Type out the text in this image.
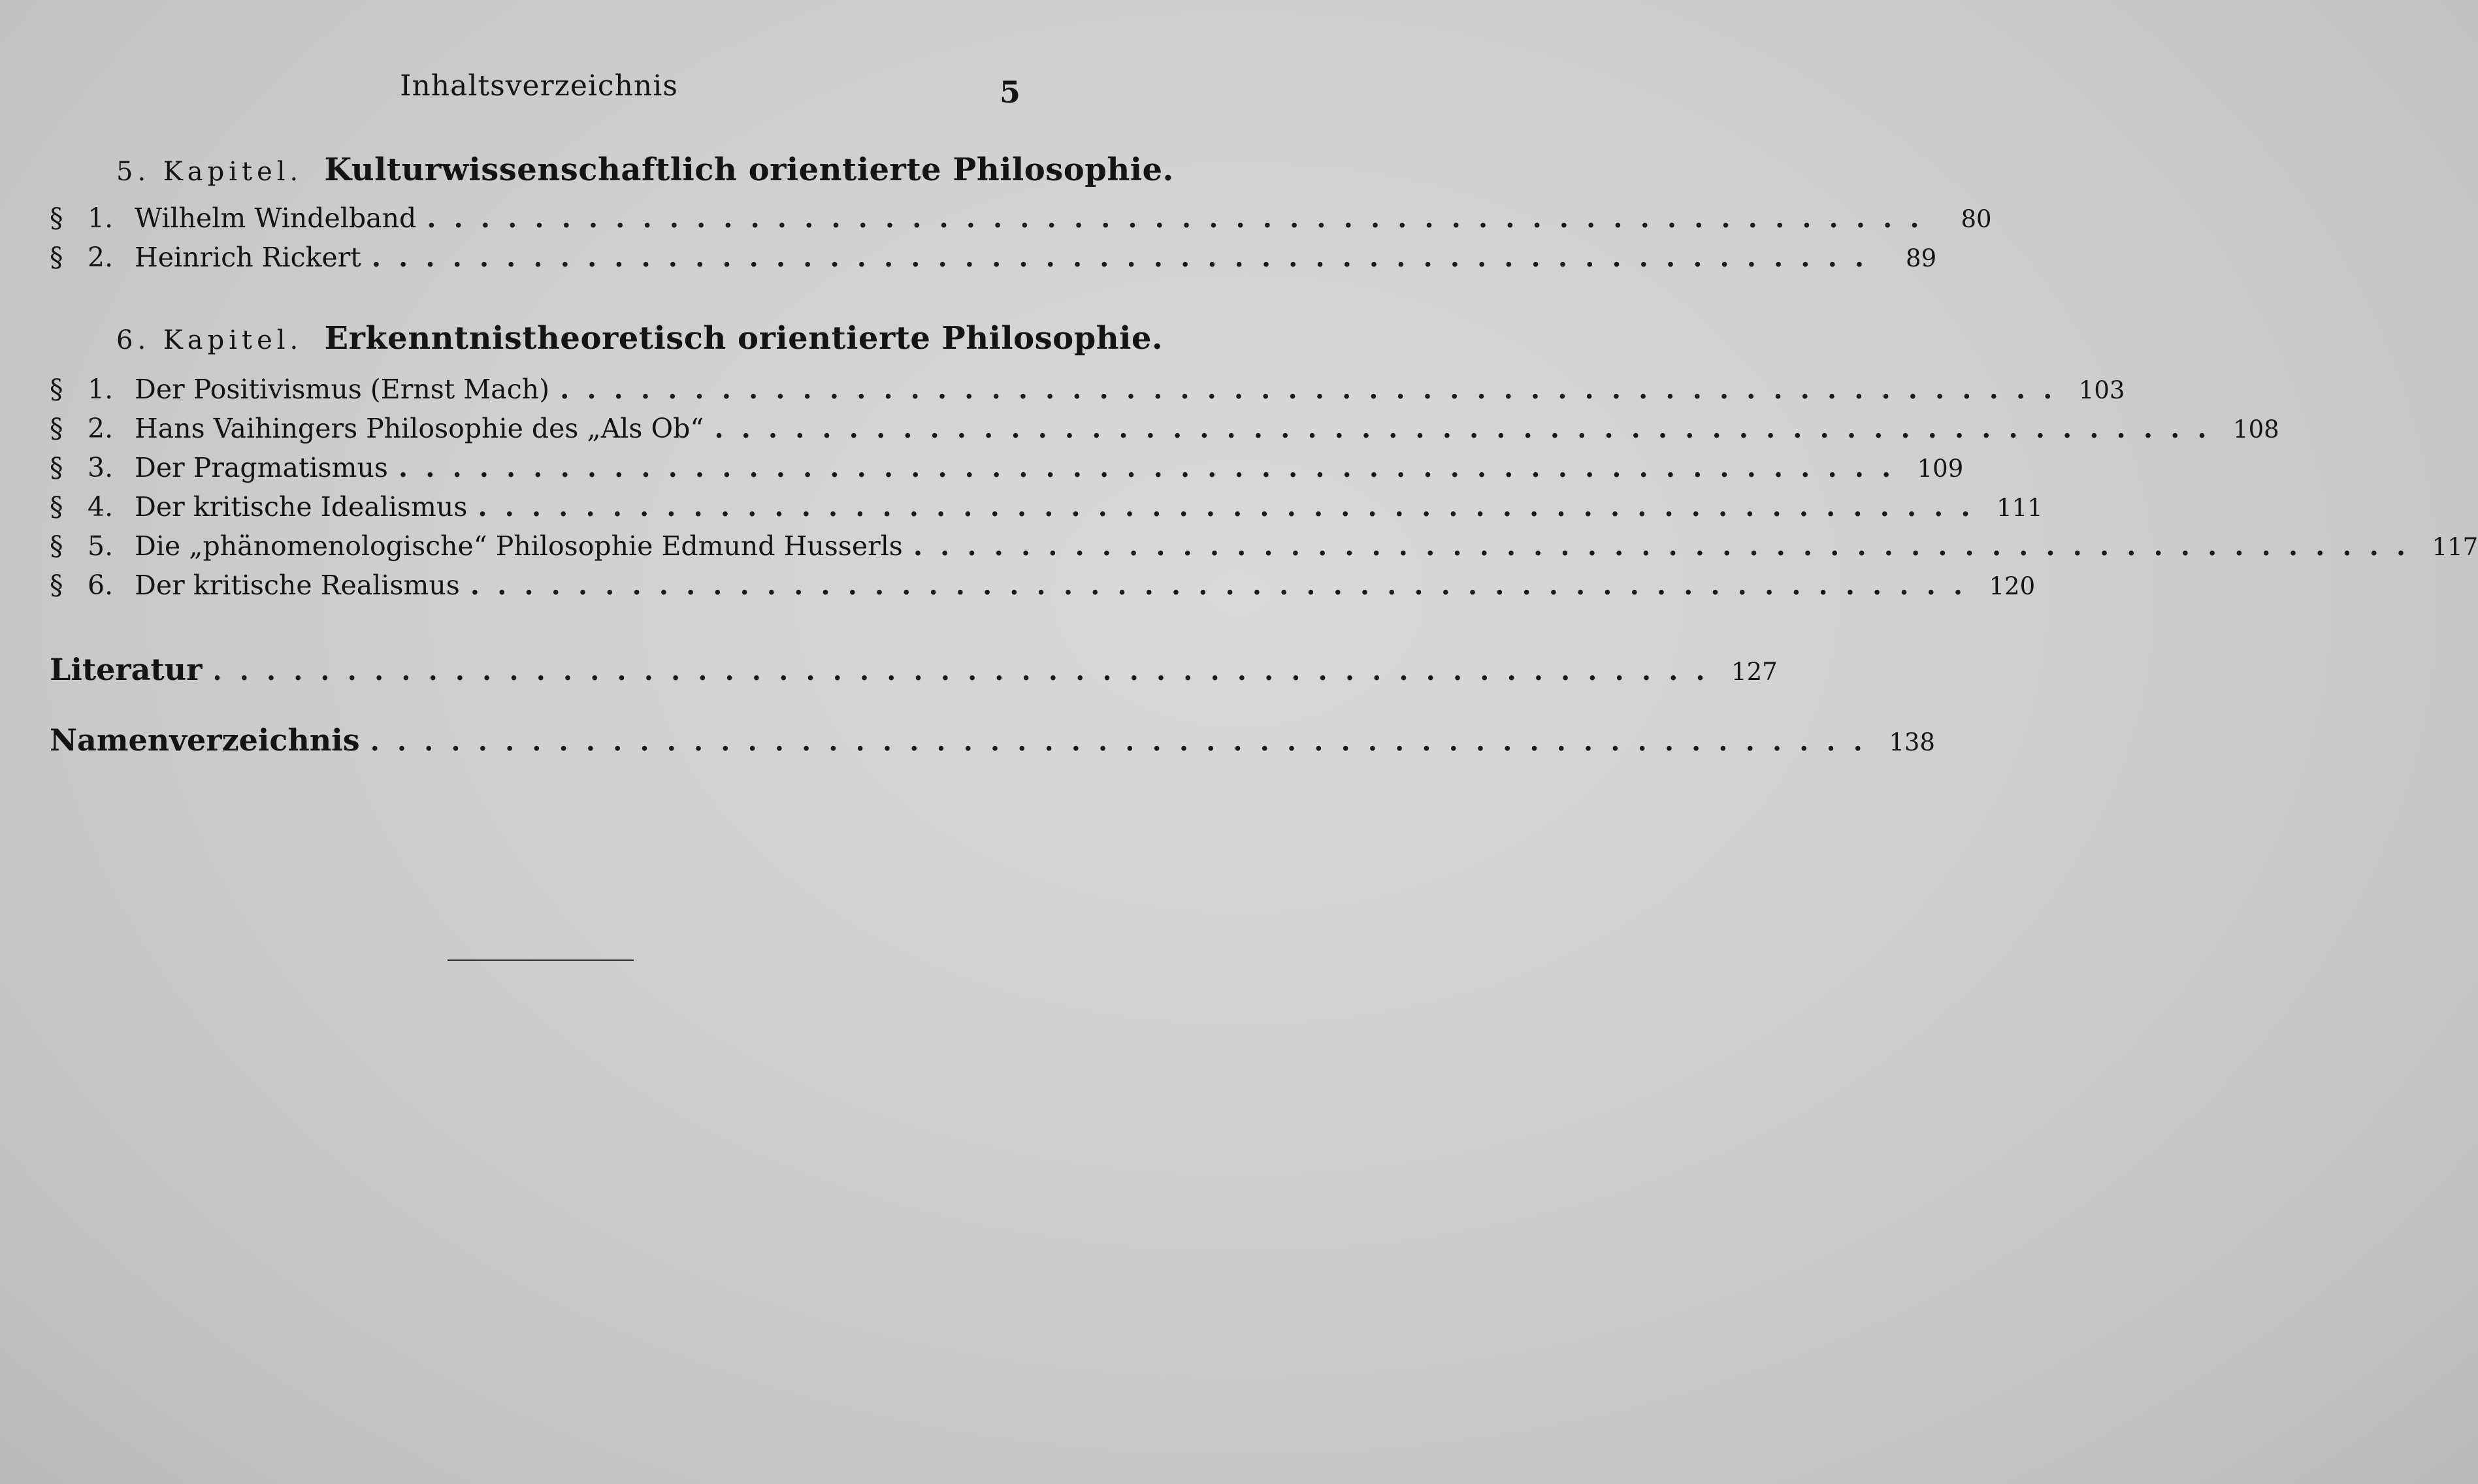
Inhaltsverzeichnis	5
5. Kapitel. Kulturwissenschaftlich orientierte Philosophie.
§ 1. Wilhelm Windelband ........................................................ 80
§ 2. Heinrich Rickert ........................................................ 89
6. Kapitel. Erkenntnistheoretisch orientierte Philosophie.
§ 1. Der Positivismus (Ernst Mach) ........................................................ 103
§ 2. Hans Vaihingers Philosophie des „Als Ob“ ........................................................ 108
§ 3. Der Pragmatismus ........................................................ 109
§ 4. Der kritische Idealismus ........................................................ 111
§ 5. Die „phänomenologische“ Philosophie Edmund Husserls ........................................................ 117
§ 6. Der kritische Realismus ........................................................ 120
Literatur ........................................................ 127
Namenverzeichnis ........................................................ 138
